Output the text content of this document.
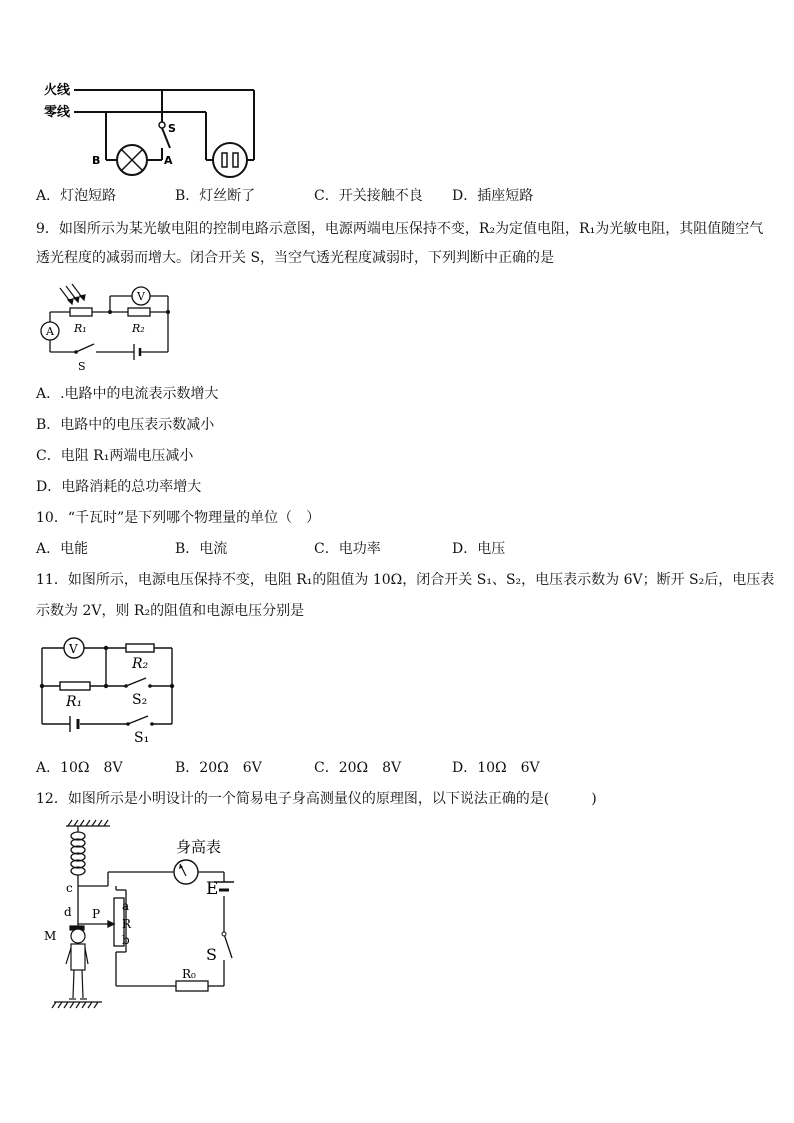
火线
零线
B	A
S
A．灯泡短路	B．灯丝断了	C．开关接触不良 D．插座短路
9．如图所示为某光敏电阻的控制电路示意图，电源两端电压保持不变，R₂为定值电阻，R₁为光敏电阻，其阻值随空气
透光程度的减弱而增大。闭合开关 S，当空气透光程度减弱时，下列判断中正确的是
A
V
R₁	R₂
S
A．.电路中的电流表示数增大
B．电路中的电压表示数减小
C．电阻 R₁两端电压减小
D．电路消耗的总功率增大
10．“千瓦时”是下列哪个物理量的单位（　）
A．电能	B．电流	C．电功率	D．电压
11．如图所示，电源电压保持不变，电阻 R₁的阻值为 10Ω，闭合开关 S₁、S₂，电压表示数为 6V；断开 S₂后，电压表
示数为 2V，则 R₂的阻值和电源电压分别是
V
R₂
R₁	S₂
S₁
A．10Ω　8V	B．20Ω　6V	C．20Ω　8V	D．10Ω　6V
12．如图所示是小明设计的一个简易电子身高测量仪的原理图，以下说法正确的是(　　　)
身高表
E
S
R₀
a
R
b
P
c
d
M
